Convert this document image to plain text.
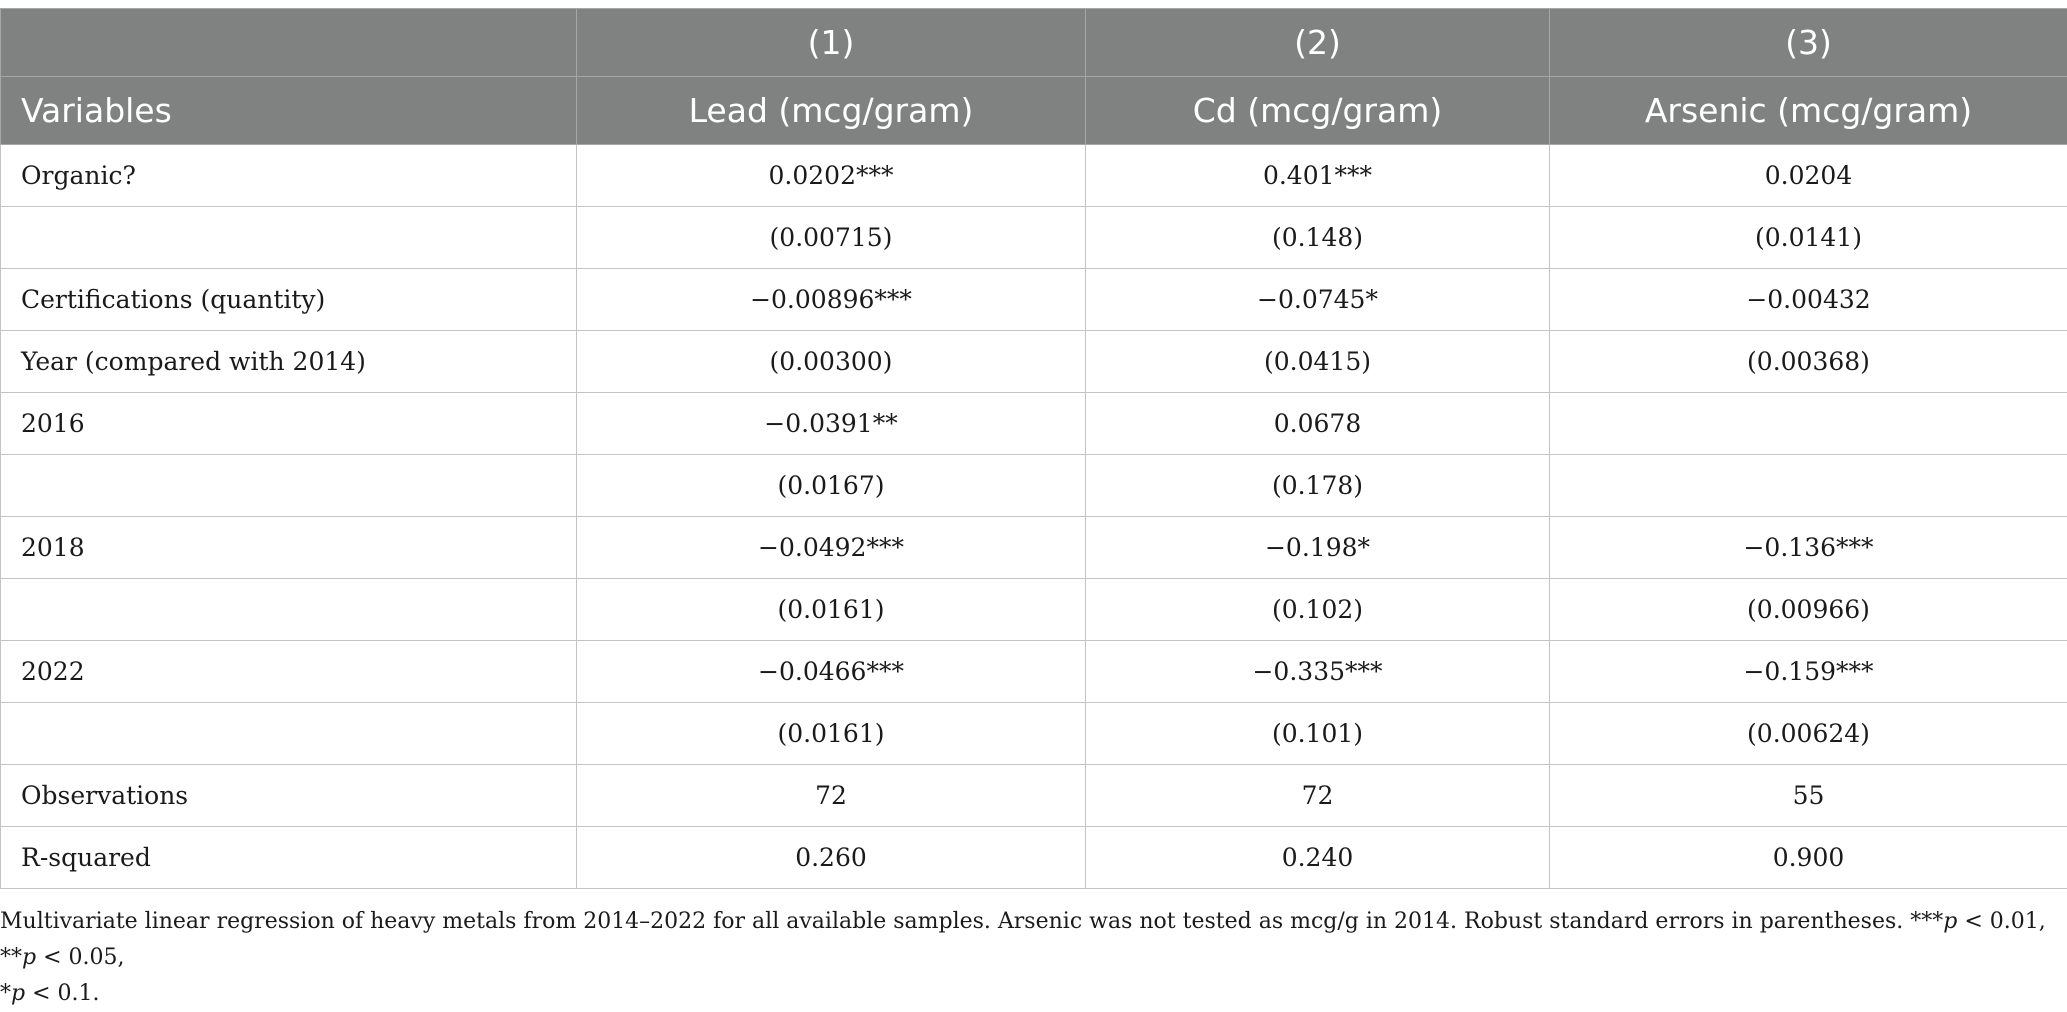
	(1)	(2)	(3)
Variables	Lead (mcg/gram)	Cd (mcg/gram)	Arsenic (mcg/gram)
Organic?	0.0202***	0.401***	0.0204
	(0.00715)	(0.148)	(0.0141)
Certifications (quantity)	−0.00896***	−0.0745*	−0.00432
Year (compared with 2014)	(0.00300)	(0.0415)	(0.00368)
2016	−0.0391**	0.0678	
	(0.0167)	(0.178)	
2018	−0.0492***	−0.198*	−0.136***
	(0.0161)	(0.102)	(0.00966)
2022	−0.0466***	−0.335***	−0.159***
	(0.0161)	(0.101)	(0.00624)
Observations	72	72	55
R-squared	0.260	0.240	0.900
Multivariate linear regression of heavy metals from 2014–2022 for all available samples. Arsenic was not tested as mcg/g in 2014. Robust standard errors in parentheses. ***p < 0.01, **p < 0.05,
*p < 0.1.
